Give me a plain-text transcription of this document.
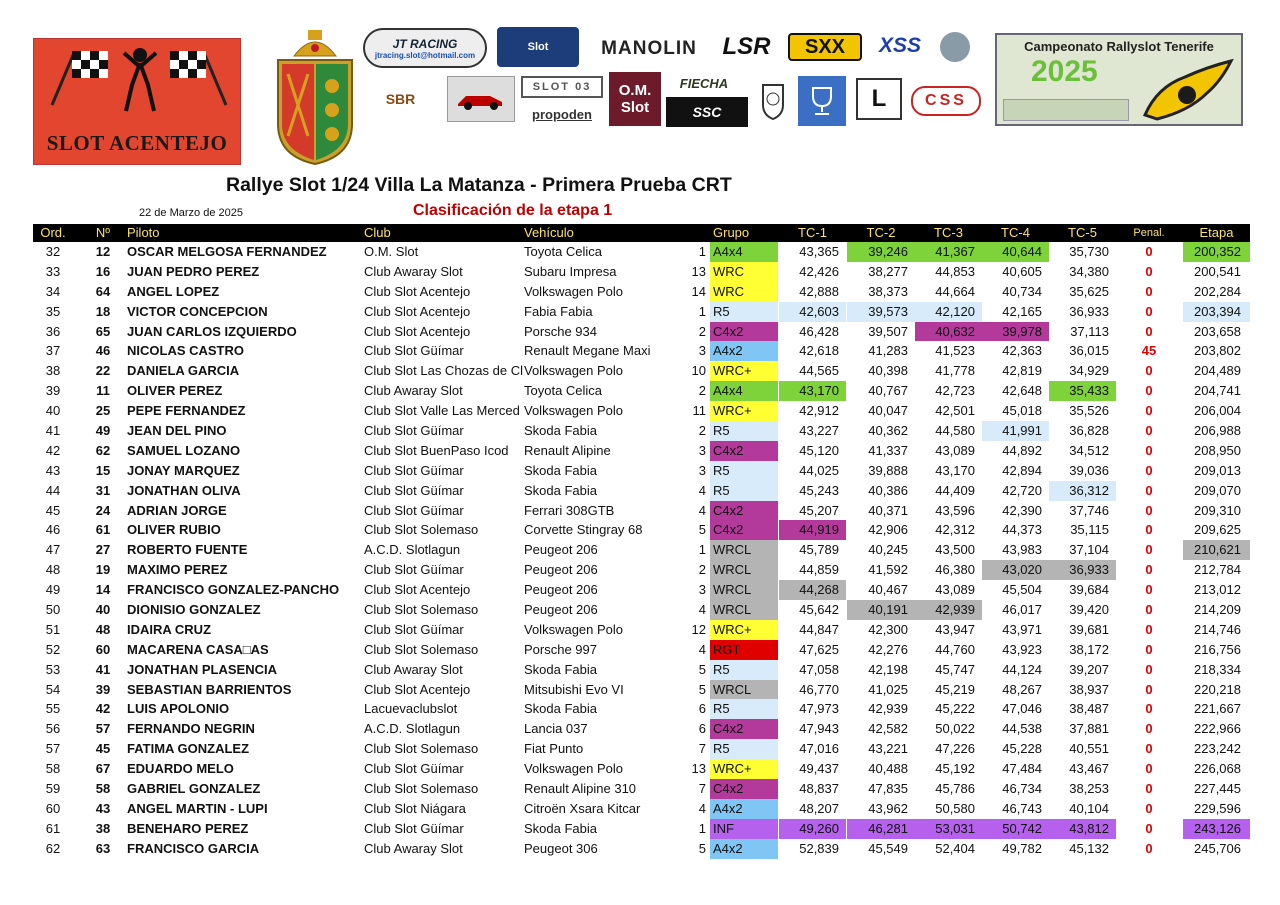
SLOT ACENTEJO
JT RACING
jtracing.slot@hotmail.com
Slot	MANOLIN	LSR	SXX	XSS
SBR
SLOT 03
propoden
O.M. Slot
FIECHA
SSC	L	CSS
Campeonato Rallyslot Tenerife
2025
Rallye Slot 1/24 Villa La Matanza - Primera Prueba CRT
22 de Marzo de 2025	Clasificación de la etapa 1
Ord.	Nº	Piloto	Club	Vehículo	Grupo	TC-1	TC-2	TC-3	TC-4	TC-5	Penal.	Etapa
32	12	OSCAR MELGOSA FERNANDEZ	O.M. Slot	Toyota Celica	1 A4x4	43,365	39,246	41,367	40,644	35,730	0	200,352
33	16	JUAN PEDRO PEREZ	Club Awaray Slot	Subaru Impresa	13 WRC	42,426	38,277	44,853	40,605	34,380	0	200,541
34	64	ANGEL LOPEZ	Club Slot Acentejo	Volkswagen Polo	14 WRC	42,888	38,373	44,664	40,734	35,625	0	202,284
35	18	VICTOR CONCEPCION	Club Slot Acentejo	Fabia Fabia	1 R5	42,603	39,573	42,120	42,165	36,933	0	203,394
36	65	JUAN CARLOS IZQUIERDO	Club Slot Acentejo	Porsche 934	2 C4x2	46,428	39,507	40,632	39,978	37,113	0	203,658
37	46	NICOLAS CASTRO	Club Slot Güímar	Renault Megane Maxi	3 A4x2	42,618	41,283	41,523	42,363	36,015	45	203,802
38	22	DANIELA GARCIA	Club Slot Las Chozas de Cl Volkswagen Polo	10 WRC+	44,565	40,398	41,778	42,819	34,929	0	204,489
39	11	OLIVER PEREZ	Club Awaray Slot	Toyota Celica	2 A4x4	43,170	40,767	42,723	42,648	35,433	0	204,741
40	25	PEPE FERNANDEZ	Club Slot Valle Las Merced Volkswagen Polo	11 WRC+	42,912	40,047	42,501	45,018	35,526	0	206,004
41	49	JEAN DEL PINO	Club Slot Güímar	Skoda Fabia	2 R5	43,227	40,362	44,580	41,991	36,828	0	206,988
42	62	SAMUEL LOZANO	Club Slot BuenPaso Icod	Renault Alipine	3 C4x2	45,120	41,337	43,089	44,892	34,512	0	208,950
43	15	JONAY MARQUEZ	Club Slot Güímar	Skoda Fabia	3 R5	44,025	39,888	43,170	42,894	39,036	0	209,013
44	31	JONATHAN OLIVA	Club Slot Güímar	Skoda Fabia	4 R5	45,243	40,386	44,409	42,720	36,312	0	209,070
45	24	ADRIAN JORGE	Club Slot Güímar	Ferrari 308GTB	4 C4x2	45,207	40,371	43,596	42,390	37,746	0	209,310
46	61	OLIVER RUBIO	Club Slot Solemaso	Corvette Stingray 68	5 C4x2	44,919	42,906	42,312	44,373	35,115	0	209,625
47	27	ROBERTO FUENTE	A.C.D. Slotlagun	Peugeot 206	1 WRCL	45,789	40,245	43,500	43,983	37,104	0	210,621
48	19	MAXIMO PEREZ	Club Slot Güímar	Peugeot 206	2 WRCL	44,859	41,592	46,380	43,020	36,933	0	212,784
49	14	FRANCISCO GONZALEZ-PANCHO	Club Slot Acentejo	Peugeot 206	3 WRCL	44,268	40,467	43,089	45,504	39,684	0	213,012
50	40	DIONISIO GONZALEZ	Club Slot Solemaso	Peugeot 206	4 WRCL	45,642	40,191	42,939	46,017	39,420	0	214,209
51	48	IDAIRA CRUZ	Club Slot Güímar	Volkswagen Polo	12 WRC+	44,847	42,300	43,947	43,971	39,681	0	214,746
52	60	MACARENA CASA□AS	Club Slot Solemaso	Porsche 997	4 RGT	47,625	42,276	44,760	43,923	38,172	0	216,756
53	41	JONATHAN PLASENCIA	Club Awaray Slot	Skoda Fabia	5 R5	47,058	42,198	45,747	44,124	39,207	0	218,334
54	39	SEBASTIAN BARRIENTOS	Club Slot Acentejo	Mitsubishi Evo VI	5 WRCL	46,770	41,025	45,219	48,267	38,937	0	220,218
55	42	LUIS APOLONIO	Lacuevaclubslot	Skoda Fabia	6 R5	47,973	42,939	45,222	47,046	38,487	0	221,667
56	57	FERNANDO NEGRIN	A.C.D. Slotlagun	Lancia 037	6 C4x2	47,943	42,582	50,022	44,538	37,881	0	222,966
57	45	FATIMA GONZALEZ	Club Slot Solemaso	Fiat Punto	7 R5	47,016	43,221	47,226	45,228	40,551	0	223,242
58	67	EDUARDO MELO	Club Slot Güímar	Volkswagen Polo	13 WRC+	49,437	40,488	45,192	47,484	43,467	0	226,068
59	58	GABRIEL GONZALEZ	Club Slot Solemaso	Renault Alipine 310	7 C4x2	48,837	47,835	45,786	46,734	38,253	0	227,445
60	43	ANGEL MARTIN - LUPI	Club Slot Niágara	Citroën Xsara Kitcar	4 A4x2	48,207	43,962	50,580	46,743	40,104	0	229,596
61	38	BENEHARO PEREZ	Club Slot Güímar	Skoda Fabia	1 INF	49,260	46,281	53,031	50,742	43,812	0	243,126
62	63	FRANCISCO GARCIA	Club Awaray Slot	Peugeot 306	5 A4x2	52,839	45,549	52,404	49,782	45,132	0	245,706
